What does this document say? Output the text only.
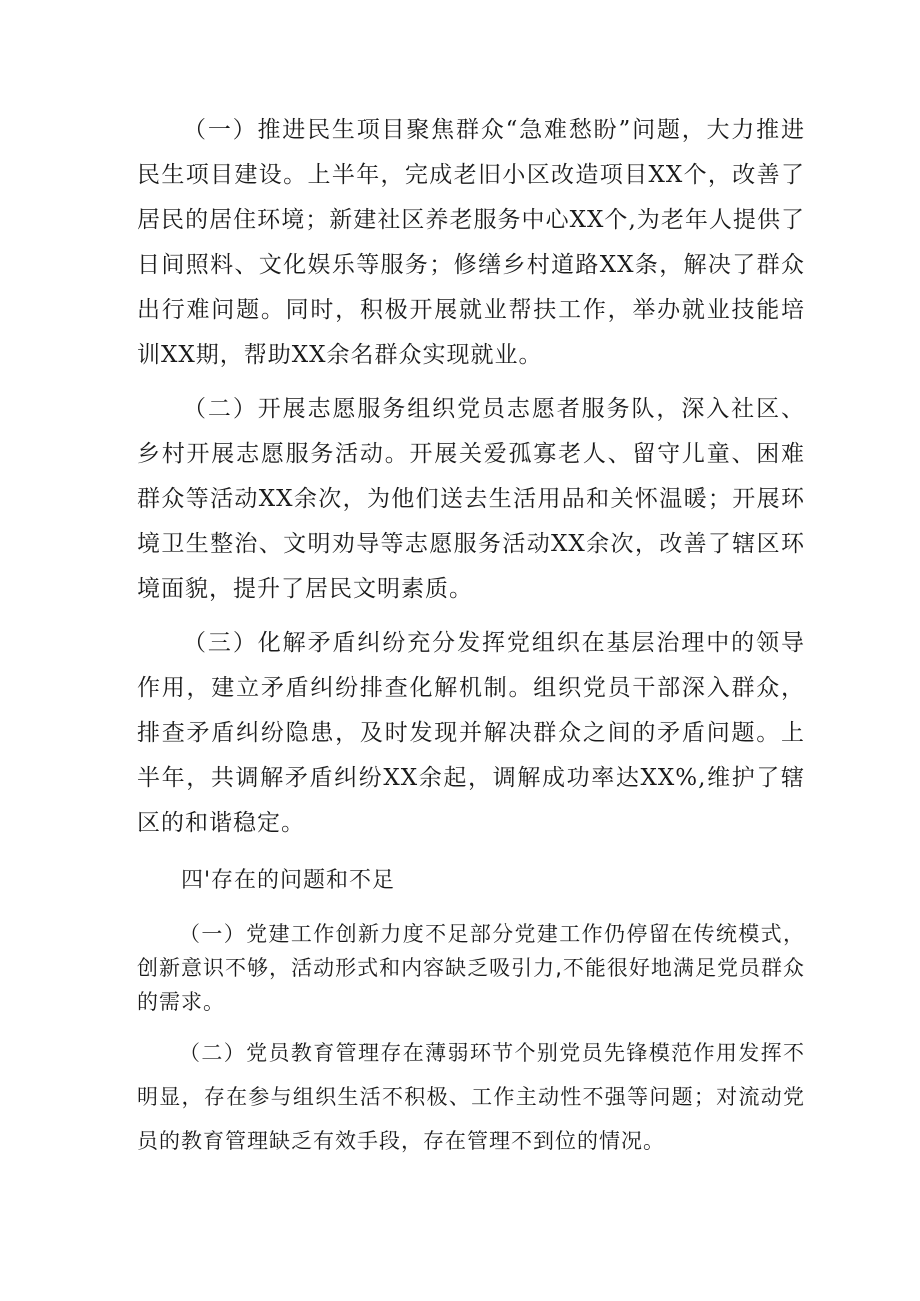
（一）推进民生项目聚焦群众“急难愁盼”问题，大力推进民生项目建设。上半年，完成老旧小区改造项目XX个，改善了居民的居住环境；新建社区养老服务中心XX个,为老年人提供了日间照料、文化娱乐等服务；修缮乡村道路XX条，解决了群众出行难问题。同时，积极开展就业帮扶工作，举办就业技能培训XX期，帮助XX余名群众实现就业。

（二）开展志愿服务组织党员志愿者服务队，深入社区、乡村开展志愿服务活动。开展关爱孤寡老人、留守儿童、困难群众等活动XX余次，为他们送去生活用品和关怀温暖；开展环境卫生整治、文明劝导等志愿服务活动XX余次，改善了辖区环境面貌，提升了居民文明素质。

（三）化解矛盾纠纷充分发挥党组织在基层治理中的领导作用，建立矛盾纠纷排查化解机制。组织党员干部深入群众，排查矛盾纠纷隐患，及时发现并解决群众之间的矛盾问题。上半年，共调解矛盾纠纷XX余起，调解成功率达XX%,维护了辖区的和谐稳定。

四'存在的问题和不足

（一）党建工作创新力度不足部分党建工作仍停留在传统模式，创新意识不够，活动形式和内容缺乏吸引力,不能很好地满足党员群众的需求。

（二）党员教育管理存在薄弱环节个别党员先锋模范作用发挥不明显，存在参与组织生活不积极、工作主动性不强等问题；对流动党员的教育管理缺乏有效手段，存在管理不到位的情况。
